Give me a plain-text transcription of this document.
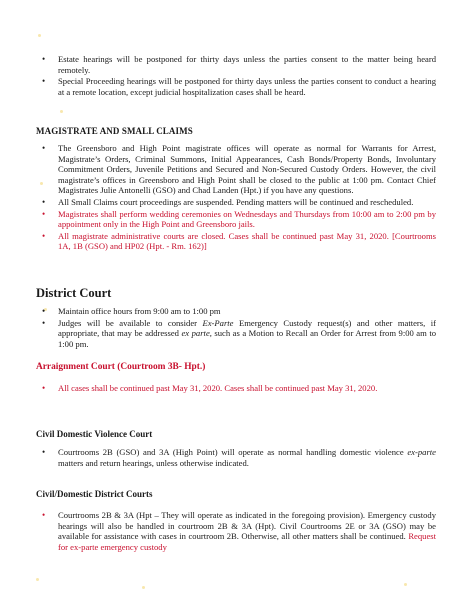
• Estate hearings will be postponed for thirty days unless the parties consent to the matter being heard remotely.
• Special Proceeding hearings will be postponed for thirty days unless the parties consent to conduct a hearing at a remote location, except judicial hospitalization cases shall be heard.
MAGISTRATE AND SMALL CLAIMS
• The Greensboro and High Point magistrate offices will operate as normal for Warrants for Arrest, Magistrate’s Orders, Criminal Summons, Initial Appearances, Cash Bonds/Property Bonds, Involuntary Commitment Orders, Juvenile Petitions and Secured and Non-Secured Custody Orders. However, the civil magistrate’s offices in Greensboro and High Point shall be closed to the public at 1:00 pm. Contact Chief Magistrates Julie Antonelli (GSO) and Chad Landen (Hpt.) if you have any questions.
• All Small Claims court proceedings are suspended. Pending matters will be continued and rescheduled.
• Magistrates shall perform wedding ceremonies on Wednesdays and Thursdays from 10:00 am to 2:00 pm by appointment only in the High Point and Greensboro jails.
• All magistrate administrative courts are closed. Cases shall be continued past May 31, 2020. [Courtrooms 1A, 1B (GSO) and HP02 (Hpt. - Rm. 162)]
District Court
• Maintain office hours from 9:00 am to 1:00 pm
• Judges will be available to consider Ex-Parte Emergency Custody request(s) and other matters, if appropriate, that may be addressed ex parte, such as a Motion to Recall an Order for Arrest from 9:00 am to 1:00 pm.
Arraignment Court (Courtroom 3B- Hpt.)
• All cases shall be continued past May 31, 2020. Cases shall be continued past May 31, 2020.
Civil Domestic Violence Court
• Courtrooms 2B (GSO) and 3A (High Point) will operate as normal handling domestic violence ex-parte matters and return hearings, unless otherwise indicated.
Civil/Domestic District Courts
• Courtrooms 2B & 3A (Hpt – They will operate as indicated in the foregoing provision). Emergency custody hearings will also be handled in courtroom 2B & 3A (Hpt). Civil Courtrooms 2E or 3A (GSO) may be available for assistance with cases in courtroom 2B. Otherwise, all other matters shall be continued. Request for ex-parte emergency custody
